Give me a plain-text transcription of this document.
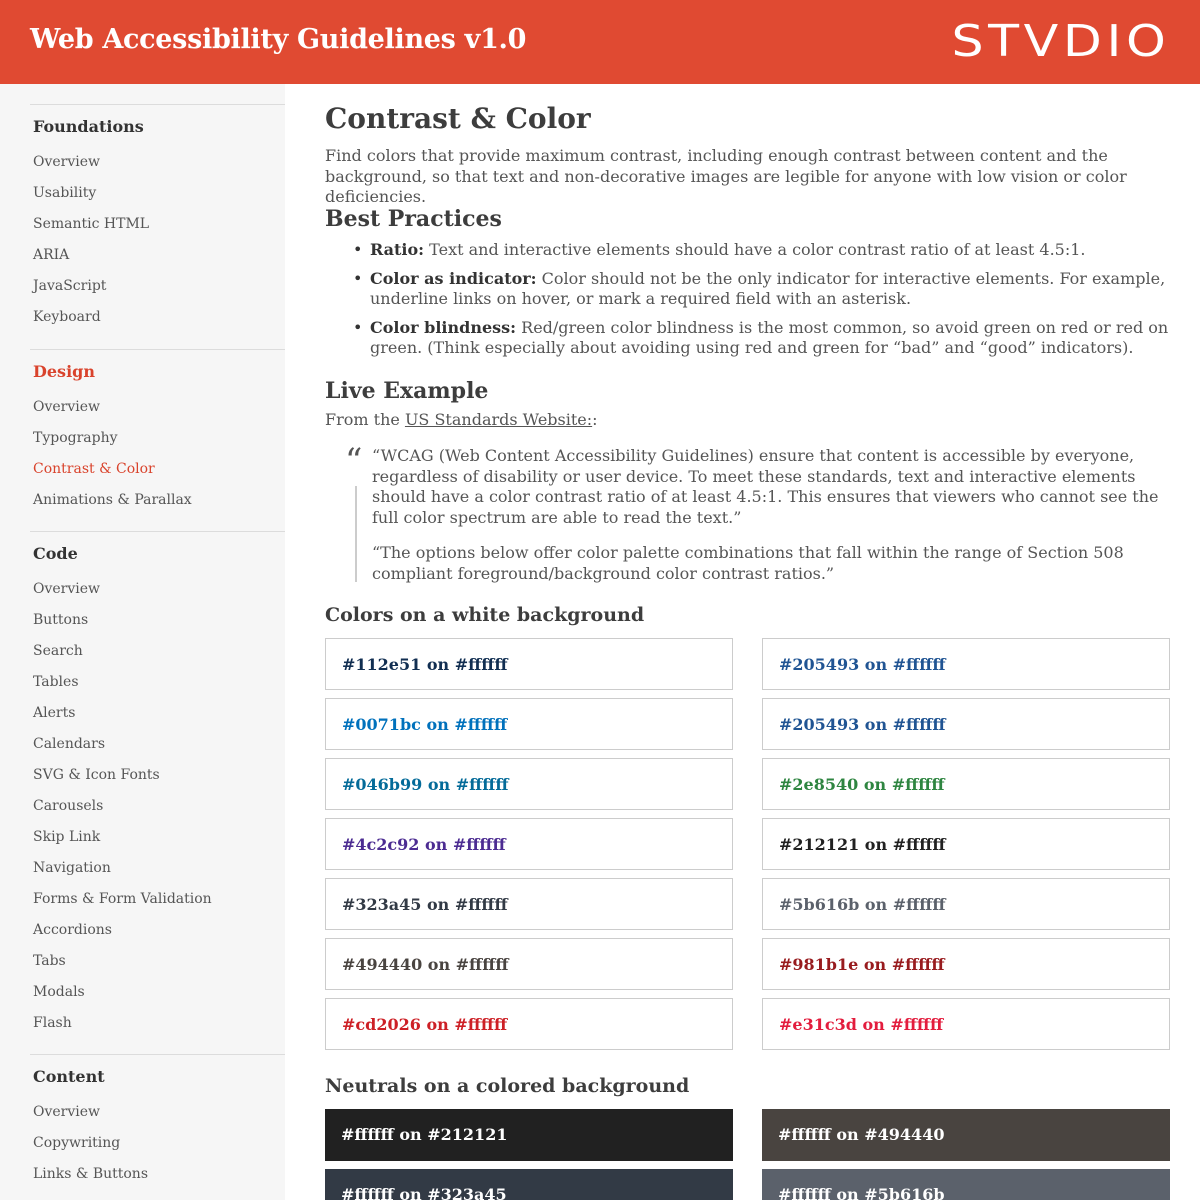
Web Accessibility Guidelines v1.0	STVDIO
Foundations
Overview
Usability
Semantic HTML
ARIA
JavaScript
Keyboard
Design
Overview
Typography
Contrast & Color
Animations & Parallax
Code
Overview
Buttons
Search
Tables
Alerts
Calendars
SVG & Icon Fonts
Carousels
Skip Link
Navigation
Forms & Form Validation
Accordions
Tabs
Modals
Flash
Content
Overview
Copywriting
Links & Buttons
Contrast & Color

Find colors that provide maximum contrast, including enough contrast between content and the background, so that text and non-decorative images are legible for anyone with low vision or color deficiencies.

Best Practices
• Ratio: Text and interactive elements should have a color contrast ratio of at least 4.5:1.
• Color as indicator: Color should not be the only indicator for interactive elements. For example, underline links on hover, or mark a required field with an asterisk.
• Color blindness: Red/green color blindness is the most common, so avoid green on red or red on green. (Think especially about avoiding using red and green for “bad” and “good” indicators).
Live Example
From the US Standards Website::
“ “WCAG (Web Content Accessibility Guidelines) ensure that content is accessible by everyone, regardless of disability or user device. To meet these standards, text and interactive elements should have a color contrast ratio of at least 4.5:1. This ensures that viewers who cannot see the full color spectrum are able to read the text.”

“The options below offer color palette combinations that fall within the range of Section 508 compliant foreground/background color contrast ratios.”

Colors on a white background
#112e51 on #ffffff
#0071bc on #ffffff
#046b99 on #ffffff
#4c2c92 on #ffffff
#323a45 on #ffffff
#494440 on #ffffff
#cd2026 on #ffffff
#205493 on #ffffff
#205493 on #ffffff
#2e8540 on #ffffff
#212121 on #ffffff
#5b616b on #ffffff
#981b1e on #ffffff
#e31c3d on #ffffff
Neutrals on a colored background
#ffffff on #212121
#ffffff on #323a45
#ffffff on #494440
#ffffff on #5b616b
